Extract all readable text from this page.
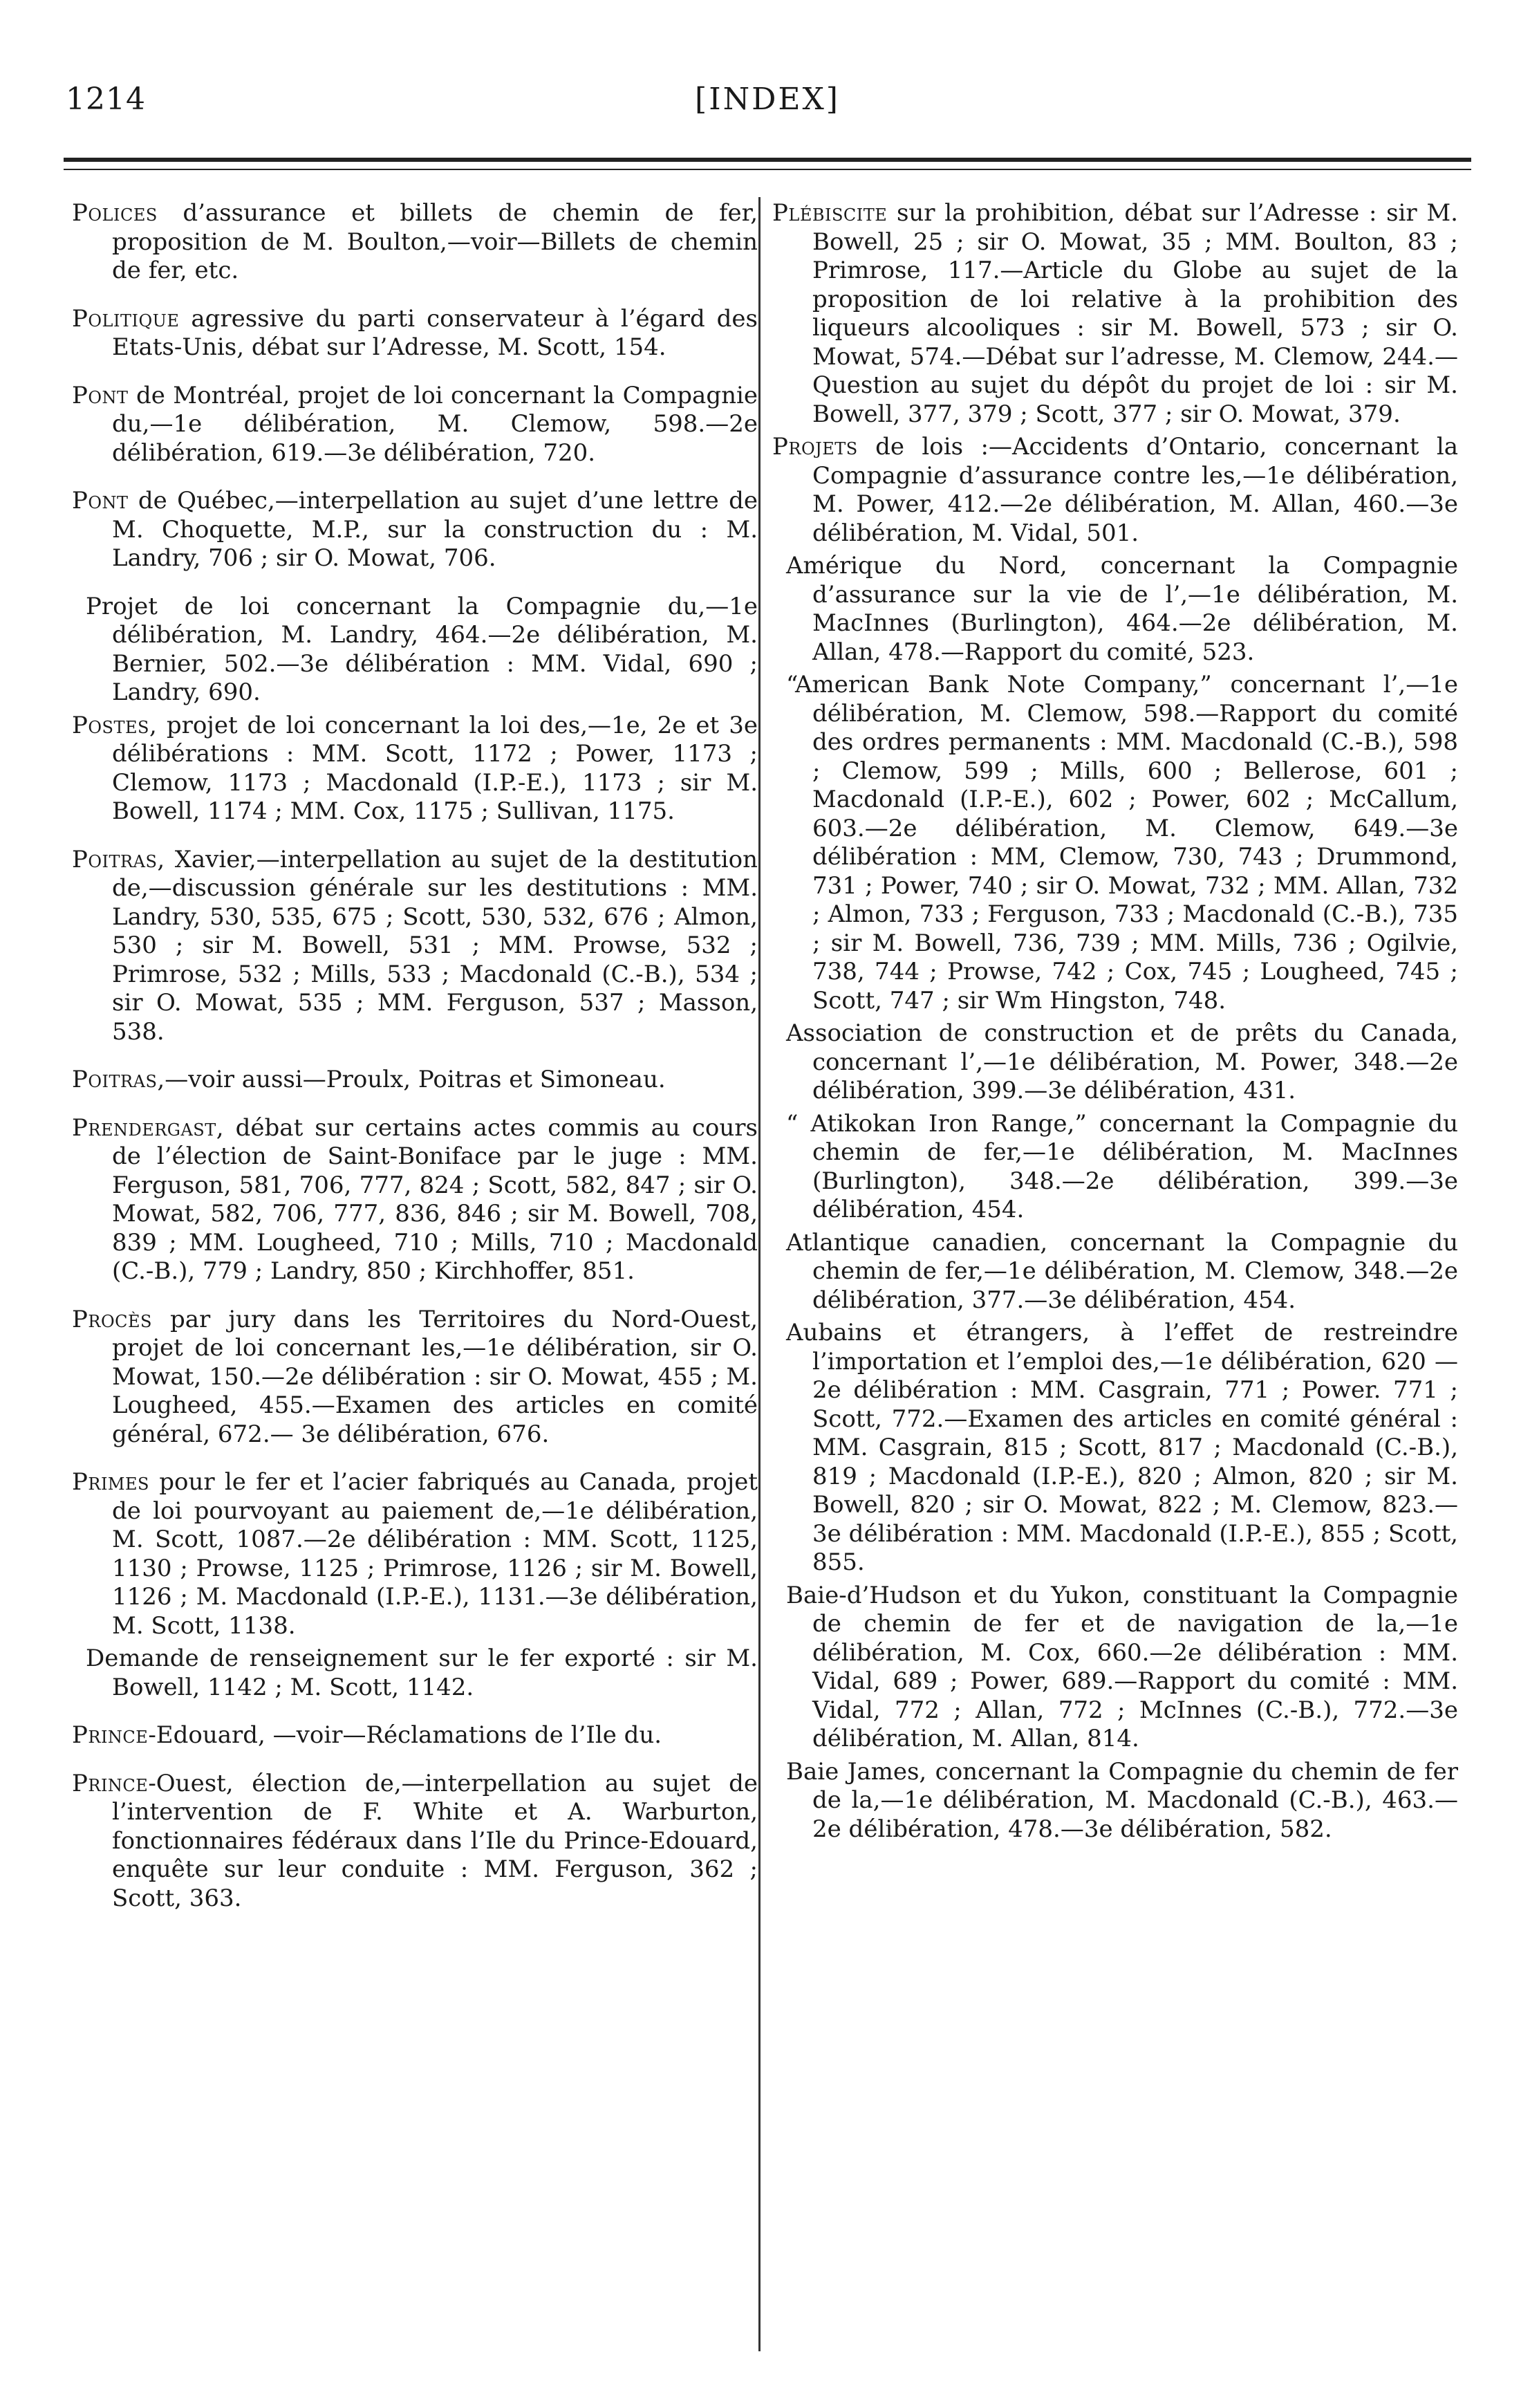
1214	[INDEX]

Polices d’assurance et billets de chemin de fer, proposition de M. Boulton,—voir—Billets de chemin de fer, etc.

Politique agressive du parti conservateur à l’égard des Etats-Unis, débat sur l’Adresse, M. Scott, 154.

Pont de Montréal, projet de loi concernant la Compagnie du,—1e délibération, M. Clemow, 598.—2e délibération, 619.—3e délibération, 720.

Pont de Québec,—interpellation au sujet d’une lettre de M. Choquette, M.P., sur la construction du : M. Landry, 706 ; sir O. Mowat, 706.

Projet de loi concernant la Compagnie du,—1e délibération, M. Landry, 464.—2e délibération, M. Bernier, 502.—3e délibération : MM. Vidal, 690 ; Landry, 690.

Postes, projet de loi concernant la loi des,—1e, 2e et 3e délibérations : MM. Scott, 1172 ; Power, 1173 ; Clemow, 1173 ; Macdonald (I.P.-E.), 1173 ; sir M. Bowell, 1174 ; MM. Cox, 1175 ; Sullivan, 1175.

Poitras, Xavier,—interpellation au sujet de la destitution de,—discussion générale sur les destitutions : MM. Landry, 530, 535, 675 ; Scott, 530, 532, 676 ; Almon, 530 ; sir M. Bowell, 531 ; MM. Prowse, 532 ; Primrose, 532 ; Mills, 533 ; Macdonald (C.-B.), 534 ; sir O. Mowat, 535 ; MM. Ferguson, 537 ; Masson, 538.

Poitras,—voir aussi—Proulx, Poitras et Simoneau.

Prendergast, débat sur certains actes commis au cours de l’élection de Saint-Boniface par le juge : MM. Ferguson, 581, 706, 777, 824 ; Scott, 582, 847 ; sir O. Mowat, 582, 706, 777, 836, 846 ; sir M. Bowell, 708, 839 ; MM. Lougheed, 710 ; Mills, 710 ; Macdonald (C.-B.), 779 ; Landry, 850 ; Kirchhoffer, 851.

Procès par jury dans les Territoires du Nord-Ouest, projet de loi concernant les,—1e délibération, sir O. Mowat, 150.—2e délibération : sir O. Mowat, 455 ; M. Lougheed, 455.—Examen des articles en comité général, 672.— 3e délibération, 676.

Primes pour le fer et l’acier fabriqués au Canada, projet de loi pourvoyant au paiement de,—1e délibération, M. Scott, 1087.—2e délibération : MM. Scott, 1125, 1130 ; Prowse, 1125 ; Primrose, 1126 ; sir M. Bowell, 1126 ; M. Macdonald (I.P.-E.), 1131.—3e délibération, M. Scott, 1138.

Demande de renseignement sur le fer exporté : sir M. Bowell, 1142 ; M. Scott, 1142.

Prince-Edouard, —voir—Réclamations de l’Ile du.

Prince-Ouest, élection de,—interpellation au sujet de l’intervention de F. White et A. Warburton, fonctionnaires fédéraux dans l’Ile du Prince-Edouard, enquête sur leur conduite : MM. Ferguson, 362 ; Scott, 363.

Plébiscite sur la prohibition, débat sur l’Adresse : sir M. Bowell, 25 ; sir O. Mowat, 35 ; MM. Boulton, 83 ; Primrose, 117.—Article du Globe au sujet de la proposition de loi relative à la prohibition des liqueurs alcooliques : sir M. Bowell, 573 ; sir O. Mowat, 574.—Débat sur l’adresse, M. Clemow, 244.—Question au sujet du dépôt du projet de loi : sir M. Bowell, 377, 379 ; Scott, 377 ; sir O. Mowat, 379.

Projets de lois :—Accidents d’Ontario, concernant la Compagnie d’assurance contre les,—1e délibération, M. Power, 412.—2e délibération, M. Allan, 460.—3e délibération, M. Vidal, 501.

Amérique du Nord, concernant la Compagnie d’assurance sur la vie de l’,—1e délibération, M. MacInnes (Burlington), 464.—2e délibération, M. Allan, 478.—Rapport du comité, 523.

“American Bank Note Company,” concernant l’,—1e délibération, M. Clemow, 598.—Rapport du comité des ordres permanents : MM. Macdonald (C.-B.), 598 ; Clemow, 599 ; Mills, 600 ; Bellerose, 601 ; Macdonald (I.P.-E.), 602 ; Power, 602 ; McCallum, 603.—2e délibération, M. Clemow, 649.—3e délibération : MM, Clemow, 730, 743 ; Drummond, 731 ; Power, 740 ; sir O. Mowat, 732 ; MM. Allan, 732 ; Almon, 733 ; Ferguson, 733 ; Macdonald (C.-B.), 735 ; sir M. Bowell, 736, 739 ; MM. Mills, 736 ; Ogilvie, 738, 744 ; Prowse, 742 ; Cox, 745 ; Lougheed, 745 ; Scott, 747 ; sir Wm Hingston, 748.

Association de construction et de prêts du Canada, concernant l’,—1e délibération, M. Power, 348.—2e délibération, 399.—3e délibération, 431.

“ Atikokan Iron Range,” concernant la Compagnie du chemin de fer,—1e délibération, M. MacInnes (Burlington), 348.—2e délibération, 399.—3e délibération, 454.

Atlantique canadien, concernant la Compagnie du chemin de fer,—1e délibération, M. Clemow, 348.—2e délibération, 377.—3e délibération, 454.

Aubains et étrangers, à l’effet de restreindre l’importation et l’emploi des,—1e délibération, 620 —2e délibération : MM. Casgrain, 771 ; Power. 771 ; Scott, 772.—Examen des articles en comité général : MM. Casgrain, 815 ; Scott, 817 ; Macdonald (C.-B.), 819 ; Macdonald (I.P.-E.), 820 ; Almon, 820 ; sir M. Bowell, 820 ; sir O. Mowat, 822 ; M. Clemow, 823.—3e délibération : MM. Macdonald (I.P.-E.), 855 ; Scott, 855.

Baie-d’Hudson et du Yukon, constituant la Compagnie de chemin de fer et de navigation de la,—1e délibération, M. Cox, 660.—2e délibération : MM. Vidal, 689 ; Power, 689.—Rapport du comité : MM. Vidal, 772 ; Allan, 772 ; McInnes (C.-B.), 772.—3e délibération, M. Allan, 814.

Baie James, concernant la Compagnie du chemin de fer de la,—1e délibération, M. Macdonald (C.-B.), 463.—2e délibération, 478.—3e délibération, 582.
